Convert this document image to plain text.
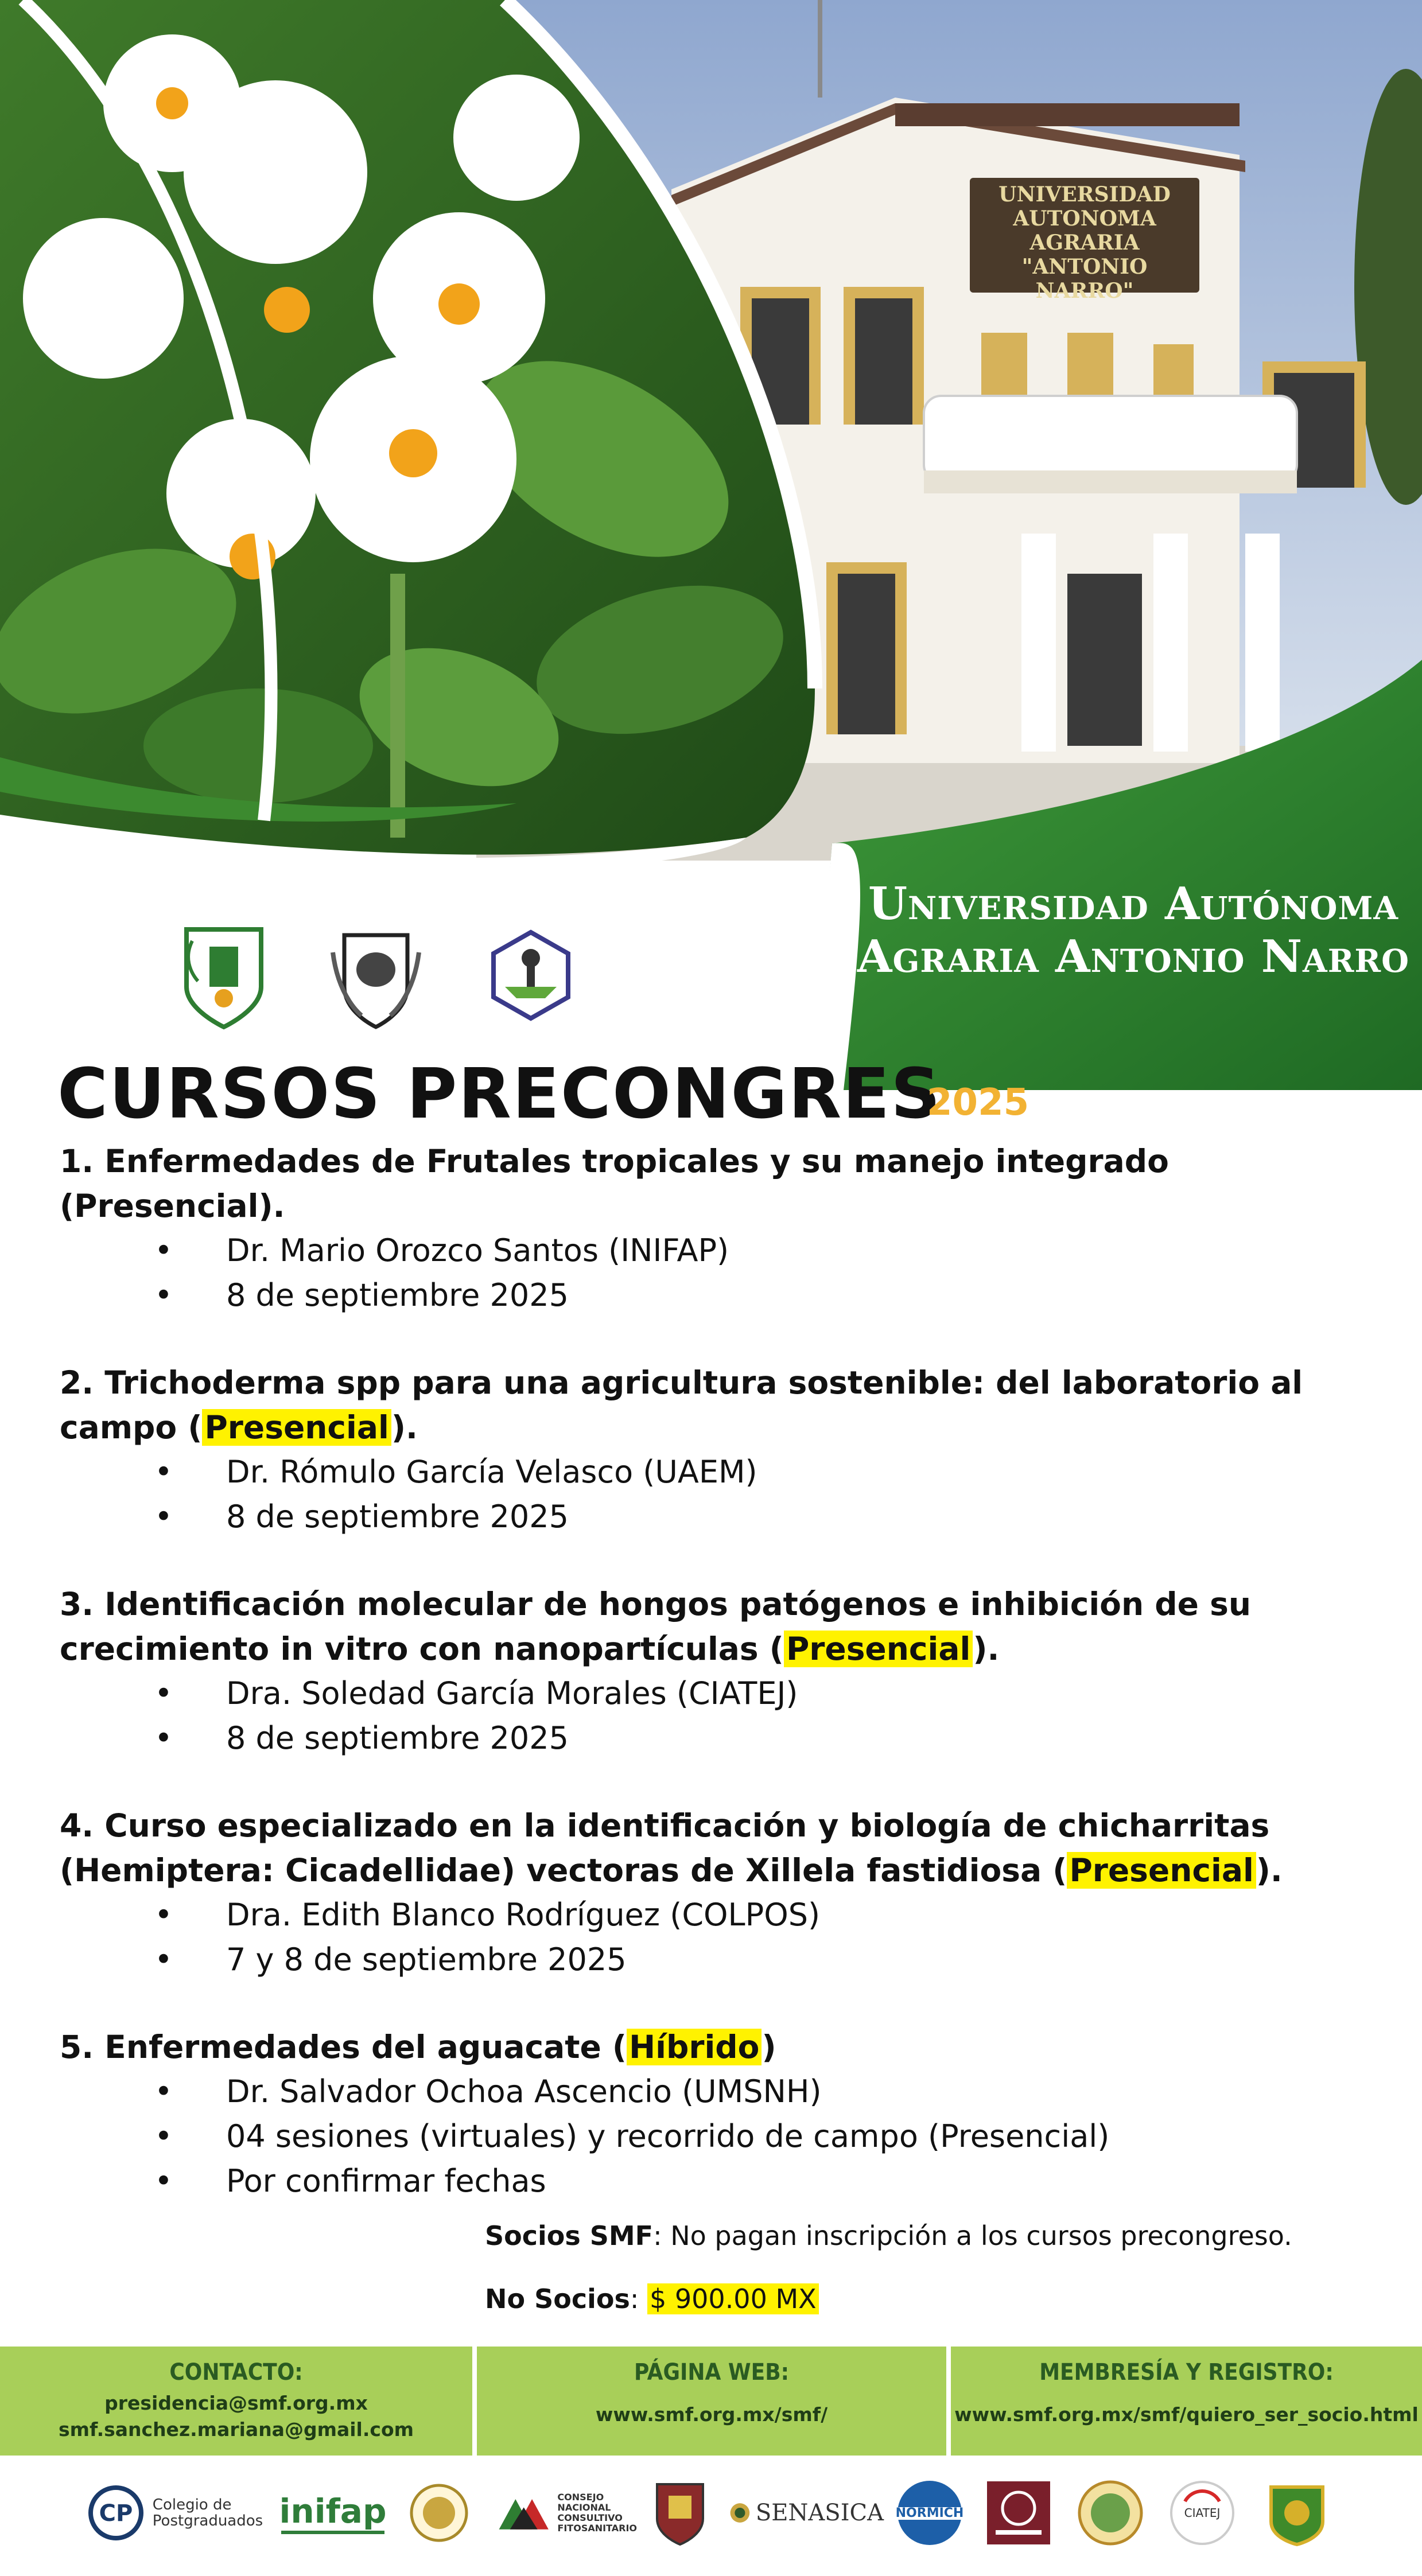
UNIVERSIDAD
AUTONOMA AGRARIA
"ANTONIO NARRO"
Universidad Autónoma
Agraria Antonio Narro
CURSOS PRECONGRES
2025
1. Enfermedades de Frutales tropicales y su manejo integrado (Presencial).
• Dr. Mario Orozco Santos (INIFAP)
• 8 de septiembre 2025
2. Trichoderma spp para una agricultura sostenible: del laboratorio al campo (Presencial).
• Dr. Rómulo García Velasco (UAEM)
• 8 de septiembre 2025
3. Identificación molecular de hongos patógenos e inhibición de su crecimiento in vitro con nanopartículas (Presencial).
• Dra. Soledad García Morales (CIATEJ)
• 8 de septiembre 2025
4. Curso especializado en la identificación y biología de chicharritas (Hemiptera: Cicadellidae) vectoras de Xillela fastidiosa (Presencial).
• Dra. Edith Blanco Rodríguez (COLPOS)
• 7 y 8 de septiembre 2025
5. Enfermedades del aguacate (Híbrido)
• Dr. Salvador Ochoa Ascencio (UMSNH)
• 04 sesiones (virtuales) y recorrido de campo (Presencial)
• Por confirmar fechas
Socios SMF: No pagan inscripción a los cursos precongreso.
No Socios: $ 900.00 MX
CONTACTO:
presidencia@smf.org.mx
smf.sanchez.mariana@gmail.com
PÁGINA WEB:
www.smf.org.mx/smf/
MEMBRESÍA Y REGISTRO:
www.smf.org.mx/smf/quiero_ser_socio.html
CP Colegio de
Postgraduados inifap	CONSEJO
NACIONAL
CONSULTIVO
FITOSANITARIO
SENASICA NORMICH	CIATEJ
